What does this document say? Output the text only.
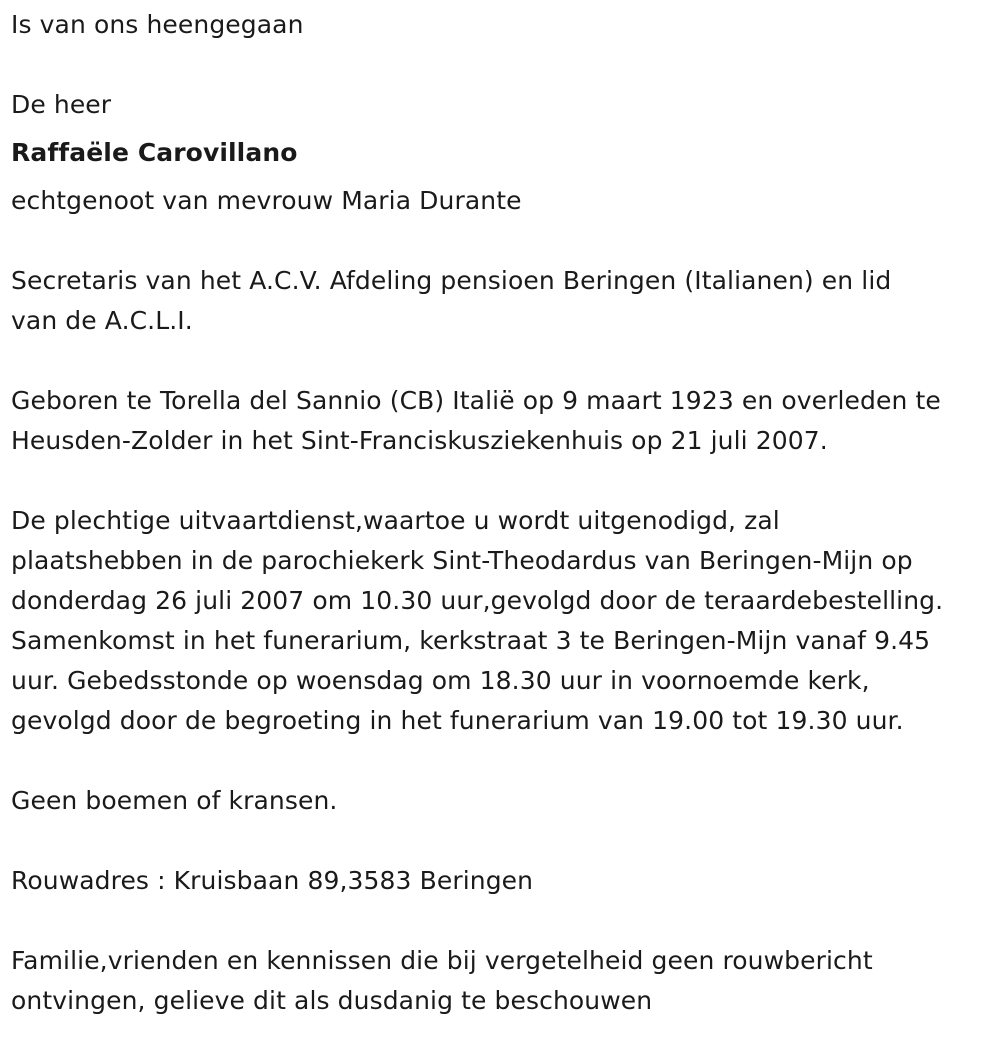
Is van ons heengegaan
De heer
Raffaële Carovillano
echtgenoot van mevrouw Maria Durante
Secretaris van het A.C.V. Afdeling pensioen Beringen (Italianen) en lid
van de A.C.L.I.
Geboren te Torella del Sannio (CB) Italië op 9 maart 1923 en overleden te
Heusden-Zolder in het Sint-Franciskusziekenhuis op 21 juli 2007.
De plechtige uitvaartdienst,waartoe u wordt uitgenodigd, zal
plaatshebben in de parochiekerk Sint-Theodardus van Beringen-Mijn op
donderdag 26 juli 2007 om 10.30 uur,gevolgd door de teraardebestelling.
Samenkomst in het funerarium, kerkstraat 3 te Beringen-Mijn vanaf 9.45
uur. Gebedsstonde op woensdag om 18.30 uur in voornoemde kerk,
gevolgd door de begroeting in het funerarium van 19.00 tot 19.30 uur.
Geen boemen of kransen.
Rouwadres : Kruisbaan 89,3583 Beringen
Familie,vrienden en kennissen die bij vergetelheid geen rouwbericht
ontvingen, gelieve dit als dusdanig te beschouwen
